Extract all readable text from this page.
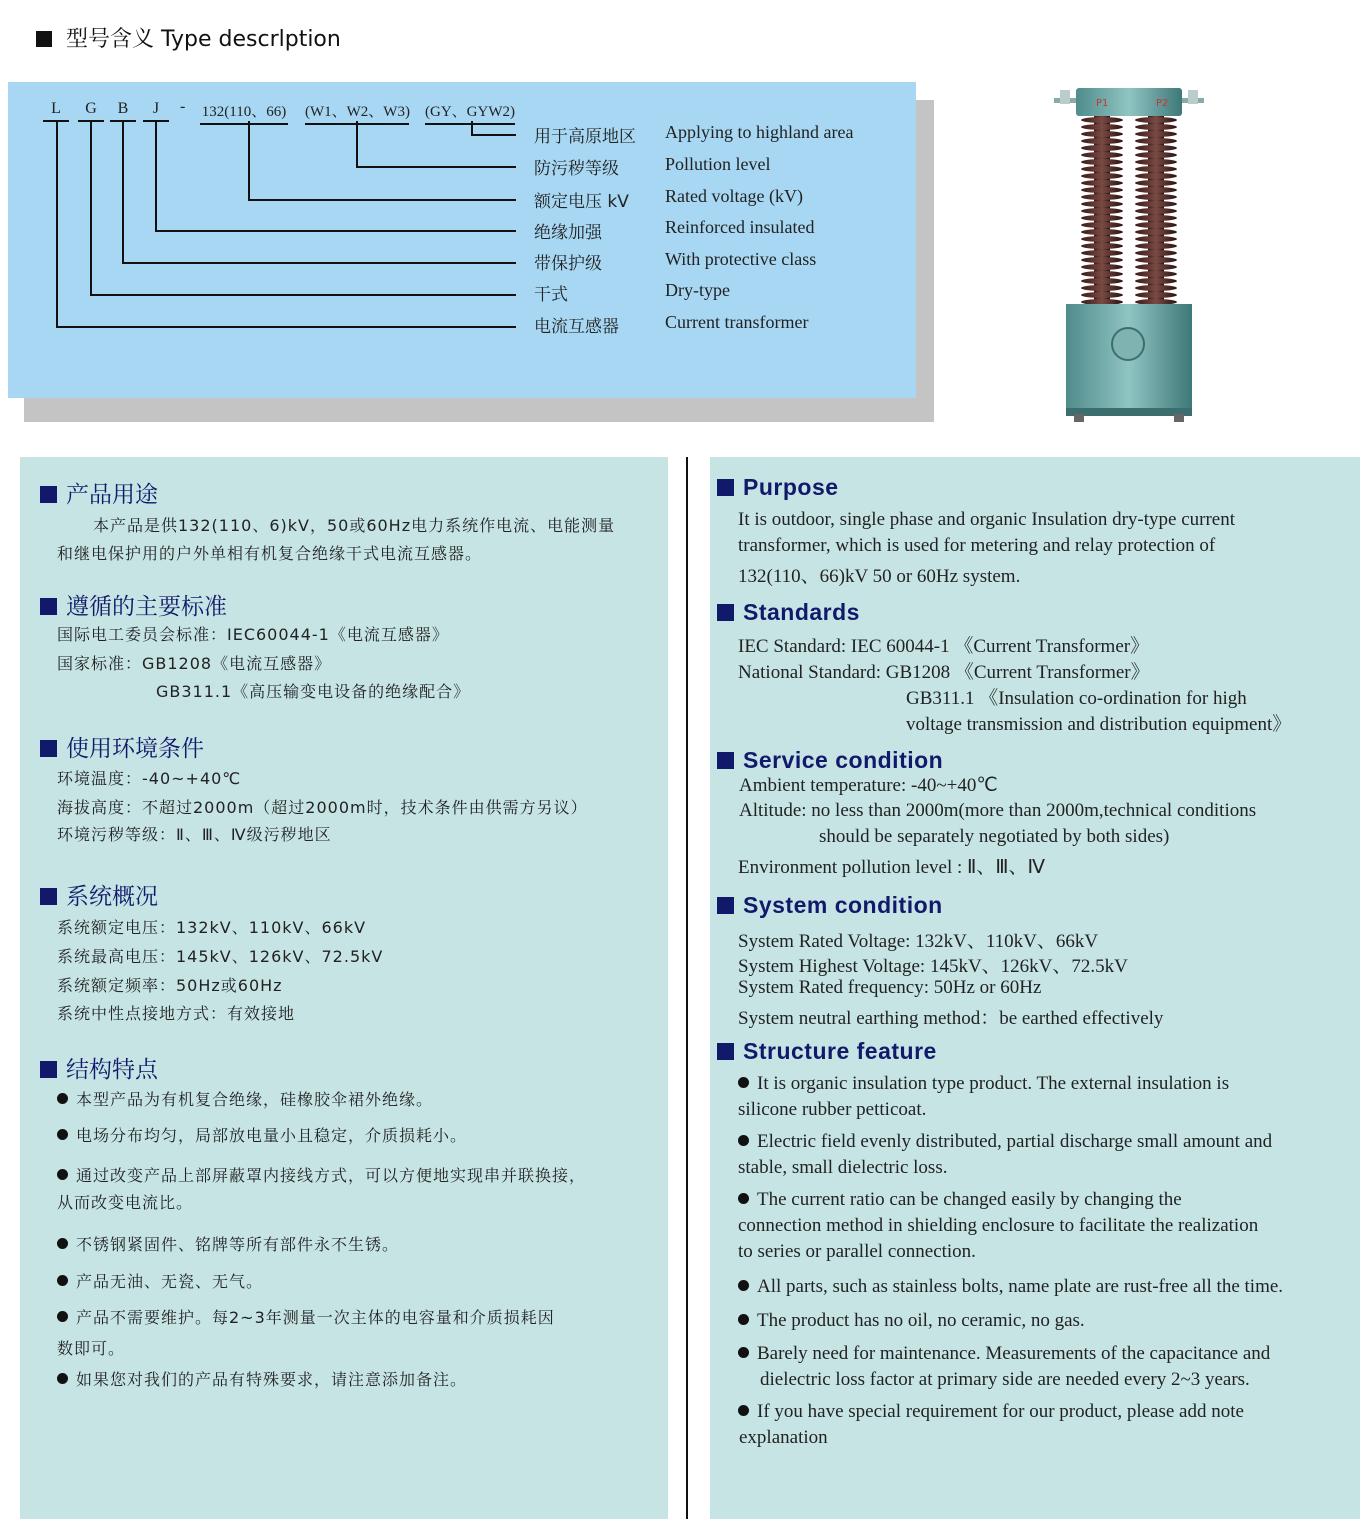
型号含义 Type descrlption
L	G	B	J	- 132(110、66) (W1、W2、W3) (GY、GYW2)
用于高原地区 Applying to highland area
防污秽等级	Pollution level
额定电压 kV Rated voltage (kV)
绝缘加强	Reinforced insulated
带保护级	With protective class
干式	Dry-type
电流互感器	Current transformer
P1	P2
产品用途
本产品是供132(110、6)kV，50或60Hz电力系统作电流、电能测量
和继电保护用的户外单相有机复合绝缘干式电流互感器。
遵循的主要标准
国际电工委员会标准：IEC60044-1《电流互感器》
国家标准：GB1208《电流互感器》
GB311.1《高压输变电设备的绝缘配合》
使用环境条件
环境温度：-40~+40℃
海拔高度：不超过2000m（超过2000m时，技术条件由供需方另议）
环境污秽等级：Ⅱ、Ⅲ、Ⅳ级污秽地区
系统概况
系统额定电压：132kV、110kV、66kV
系统最高电压：145kV、126kV、72.5kV
系统额定频率：50Hz或60Hz
系统中性点接地方式：有效接地
结构特点
本型产品为有机复合绝缘，硅橡胶伞裙外绝缘。
电场分布均匀，局部放电量小且稳定，介质损耗小。
通过改变产品上部屏蔽罩内接线方式，可以方便地实现串并联换接，
从而改变电流比。
不锈钢紧固件、铭牌等所有部件永不生锈。
产品无油、无瓷、无气。
产品不需要维护。每2~3年测量一次主体的电容量和介质损耗因
数即可。
如果您对我们的产品有特殊要求，请注意添加备注。
Purpose
It is outdoor, single phase and organic Insulation dry-type current
transformer, which is used for metering and relay protection of
132(110、66)kV 50 or 60Hz system.
Standards
IEC Standard: IEC 60044-1 《Current Transformer》
National Standard: GB1208 《Current Transformer》
GB311.1 《Insulation co-ordination for high
voltage transmission and distribution equipment》
Service condition
Ambient temperature: -40~+40℃
Altitude: no less than 2000m(more than 2000m,technical conditions
should be separately negotiated by both sides)
Environment pollution level : Ⅱ、Ⅲ、Ⅳ
System condition
System Rated Voltage: 132kV、110kV、66kV
System Highest Voltage: 145kV、126kV、72.5kV
System Rated frequency: 50Hz or 60Hz
System neutral earthing method：be earthed effectively
Structure feature
It is organic insulation type product. The external insulation is
silicone rubber petticoat.
Electric field evenly distributed, partial discharge small amount and
stable, small dielectric loss.
The current ratio can be changed easily by changing the
connection method in shielding enclosure to facilitate the realization
to series or parallel connection.
All parts, such as stainless bolts, name plate are rust-free all the time.
The product has no oil, no ceramic, no gas.
Barely need for maintenance. Measurements of the capacitance and
dielectric loss factor at primary side are needed every 2~3 years.
If you have special requirement for our product, please add note
explanation
